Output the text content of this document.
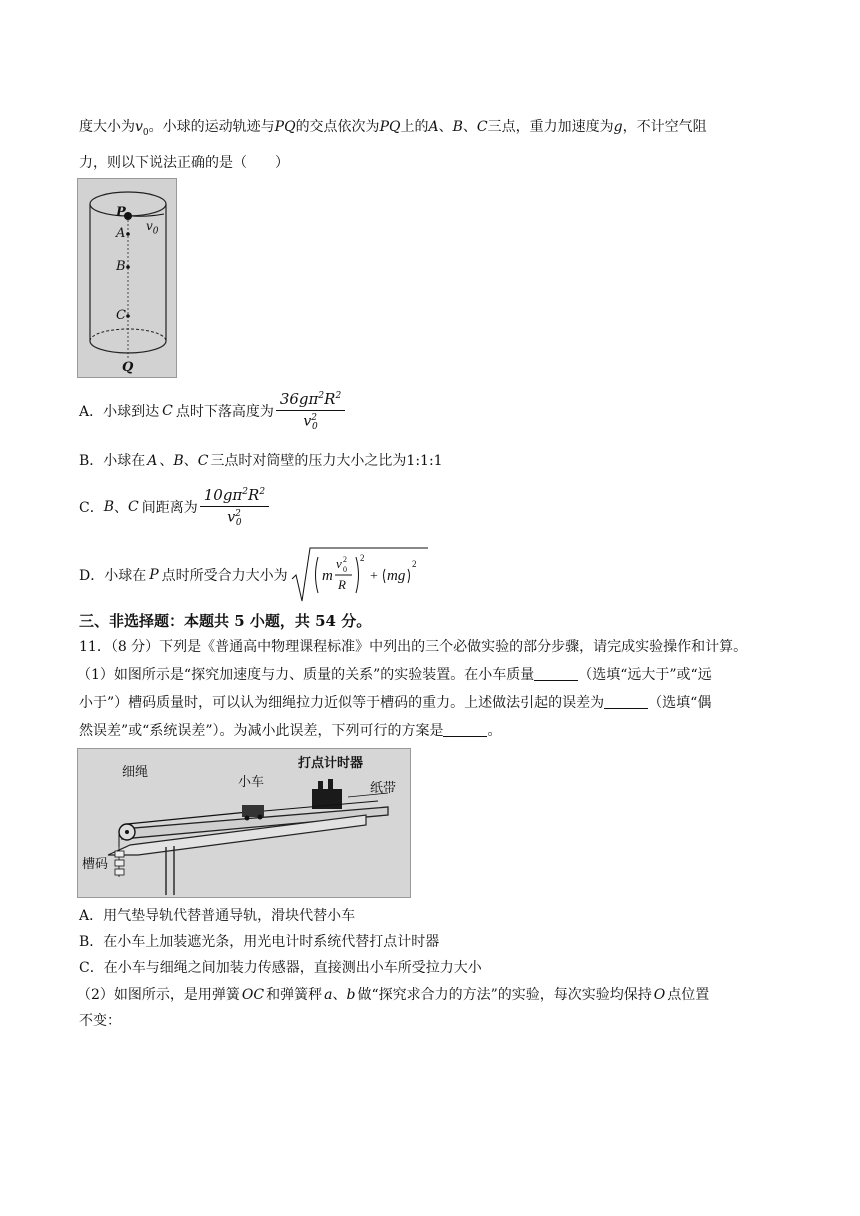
度大小为$v_0$。小球的运动轨迹与PQ的交点依次为PQ上的A、B、C三点，重力加速度为g，不计空气阻
力，则以下说法正确的是（　　）
P
$v_0$
A
B
C
Q
A．小球到达 C 点时下落高度为 $\frac{36g\pi^2R^2}{v^2_0}$
B．小球在 A 、B、C 三点时对筒壁的压力大小之比为1:1:1
C． B 、 C 间距离为 $\frac{10g\pi^2R^2}{v^2_0}$
D．小球在 P 点时所受合力大小为 m
v 2
0
R
2
+ mg
2
三、非选择题：本题共 5 小题，共 54 分。
11．（8 分）下列是《普通高中物理课程标准》中列出的三个必做实验的部分步骤，请完成实验操作和计算。
（1）如图所示是“探究加速度与力、质量的关系”的实验装置。在小车质量	（选填“远大于”或“远
小于”）槽码质量时，可以认为细绳拉力近似等于槽码的重力。上述做法引起的误差为	（选填“偶
然误差”或“系统误差”）。为减小此误差，下列可行的方案是	。
细绳
小车
打点计时器
纸带
槽码
A．用气垫导轨代替普通导轨，滑块代替小车
B．在小车上加装遮光条，用光电计时系统代替打点计时器
C．在小车与细绳之间加装力传感器，直接测出小车所受拉力大小
（2）如图所示，是用弹簧 OC 和弹簧秤 a、b 做“探究求合力的方法”的实验，每次实验均保持 O 点位置
不变：
